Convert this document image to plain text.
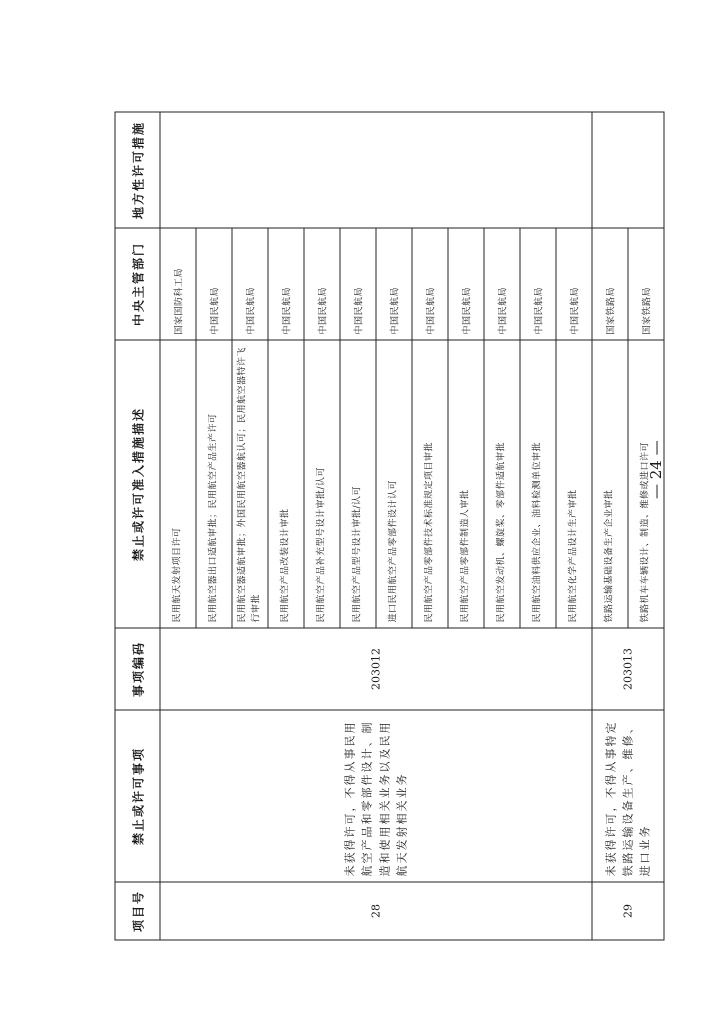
项目号	禁止或许可事项	事项编码	禁止或许可准入措施描述	中央主管部门	地方性许可措施
28	未获得许可，不得从事民用航空产品和零部件设计、制造和使用相关业务以及民用航天发射相关业务	203012	民用航天发射项目许可	国家国防科工局	
			民用航空器出口适航审批；民用航空产品生产许可	中国民航局	
			民用航空器适航审批；外国民用航空器航认可；民用航空器特许飞行审批	中国民航局	
			民用航空产品改装设计审批	中国民航局	
			民用航空产品补充型号设计审批/认可	中国民航局	
			民用航空产品型号设计审批/认可	中国民航局	
			进口民用航空产品零部件设计认可	中国民航局	
			民用航空产品零部件技术标准规定项目审批	中国民航局	
			民用航空产品零部件制造人审批	中国民航局	
			民用航空发动机、螺旋桨、零部件适航审批	中国民航局	
			民用航空油料供应企业、油料检测单位审批	中国民航局	
			民用航空化学产品设计生产审批	中国民航局	
29	未获得许可，不得从事特定铁路运输设备生产、维修、进口业务	203013	铁路运输基础设备生产企业审批	国家铁路局	
			铁路机车车辆设计、制造、维修或进口许可	国家铁路局	
— 24 —
